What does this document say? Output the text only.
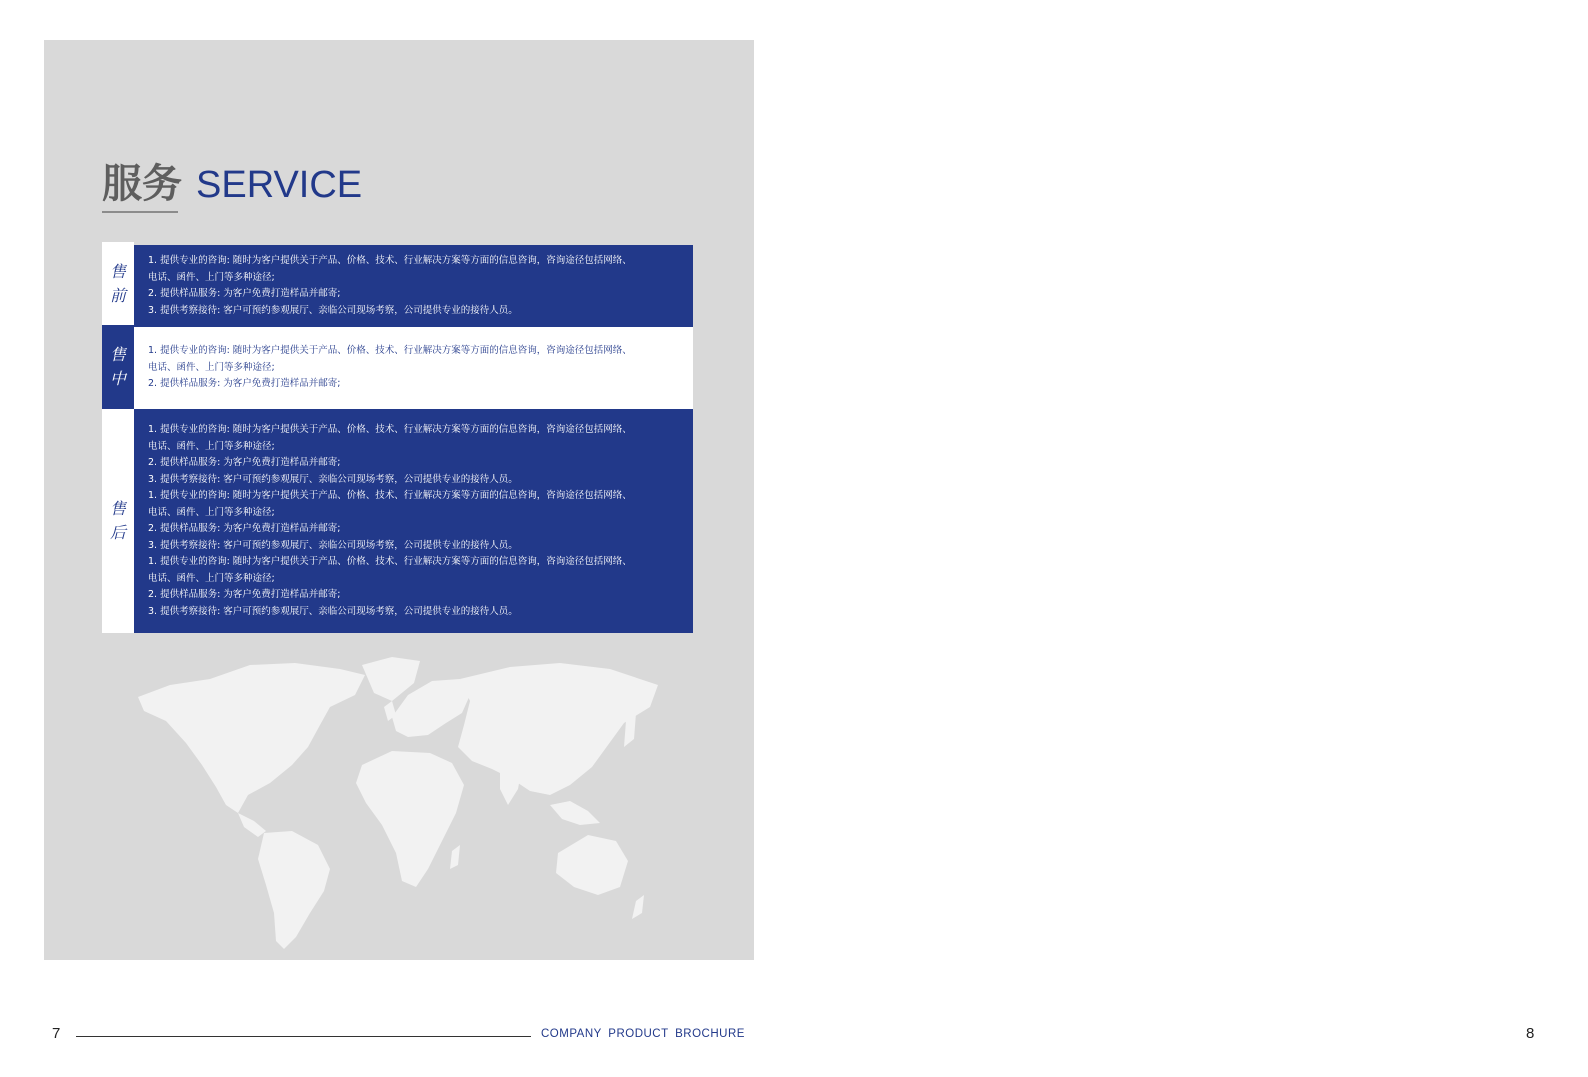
服务 SERVICE
售
前
1. 提供专业的咨询: 随时为客户提供关于产品、价格、技术、行业解决方案等方面的信息咨询，咨询途径包括网络、
电话、函件、上门等多种途径;
2. 提供样品服务: 为客户免费打造样品并邮寄;
3. 提供考察接待: 客户可预约参观展厅、亲临公司现场考察，公司提供专业的接待人员。
售
中
1. 提供专业的咨询: 随时为客户提供关于产品、价格、技术、行业解决方案等方面的信息咨询，咨询途径包括网络、
电话、函件、上门等多种途径;
2. 提供样品服务: 为客户免费打造样品并邮寄;
售
后
1. 提供专业的咨询: 随时为客户提供关于产品、价格、技术、行业解决方案等方面的信息咨询，咨询途径包括网络、
电话、函件、上门等多种途径;
2. 提供样品服务: 为客户免费打造样品并邮寄;
3. 提供考察接待: 客户可预约参观展厅、亲临公司现场考察，公司提供专业的接待人员。
1. 提供专业的咨询: 随时为客户提供关于产品、价格、技术、行业解决方案等方面的信息咨询，咨询途径包括网络、
电话、函件、上门等多种途径;
2. 提供样品服务: 为客户免费打造样品并邮寄;
3. 提供考察接待: 客户可预约参观展厅、亲临公司现场考察，公司提供专业的接待人员。
1. 提供专业的咨询: 随时为客户提供关于产品、价格、技术、行业解决方案等方面的信息咨询，咨询途径包括网络、
电话、函件、上门等多种途径;
2. 提供样品服务: 为客户免费打造样品并邮寄;
3. 提供考察接待: 客户可预约参观展厅、亲临公司现场考察，公司提供专业的接待人员。
7	COMPANY PRODUCT BROCHURE	8
